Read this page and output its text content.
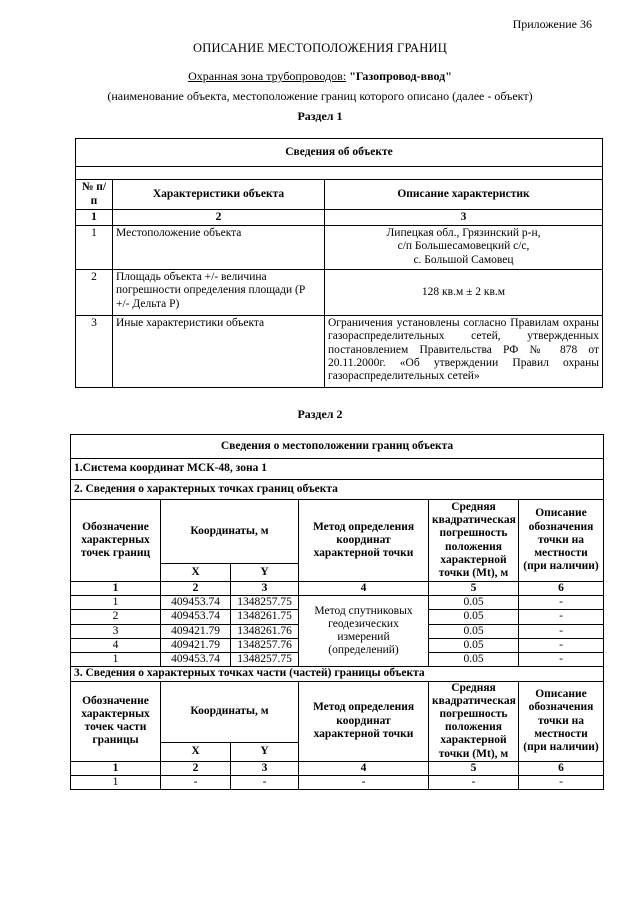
Приложение 36
ОПИСАНИЕ МЕСТОПОЛОЖЕНИЯ ГРАНИЦ
Охранная зона трубопроводов: "Газопровод-ввод"
(наименование объекта, местоположение границ которого описано (далее - объект)
Раздел 1
Сведения об объекте		

№ п/п	Характеристики объекта	Описание характеристик
1	2	3
1	Местоположение объекта	Липецкая обл., Грязинский р-н,
с/п Большесамовецкий с/с,
с. Большой Самовец

2	Площадь объекта +/- величина погрешности определения площади (Р +/- Дельта Р)	128 кв.м ± 2 кв.м
3	Иные характеристики объекта	Ограничения установлены согласно Правилам охраны газораспределительных сетей, утвержденных постановлением Правительства РФ № 878 от 20.11.2000г. «Об утверждении Правил охраны газораспределительных сетей»
Раздел 2
Сведения о местоположении границ объекта					
1.Система координат МСК-48, зона 1					
2. Сведения о характерных точках границ объекта					
Обозначение характерных точек границ	Координаты, м		Метод определения координат характерной точки	Средняя квадратическая погрешность положения характерной точки (Mt), м	Описание обозначения точки на местности (при наличии)
	X	Y			
1	2	3	4	5	6
1	409453.74	1348257.75	Метод спутниковых геодезических измерений (определений)	0.05	-
2	409453.74	1348261.75		0.05	-
3	409421.79	1348261.76		0.05	-
4	409421.79	1348257.76		0.05	-
1	409453.74	1348257.75		0.05	-
3. Сведения о характерных точках части (частей) границы объекта					
Обозначение характерных точек части границы	Координаты, м		Метод определения координат характерной точки	Средняя квадратическая погрешность положения характерной точки (Mt), м	Описание обозначения точки на местности (при наличии)
	X	Y			
1	2	3	4	5	6
1	-	-	-	-	-
